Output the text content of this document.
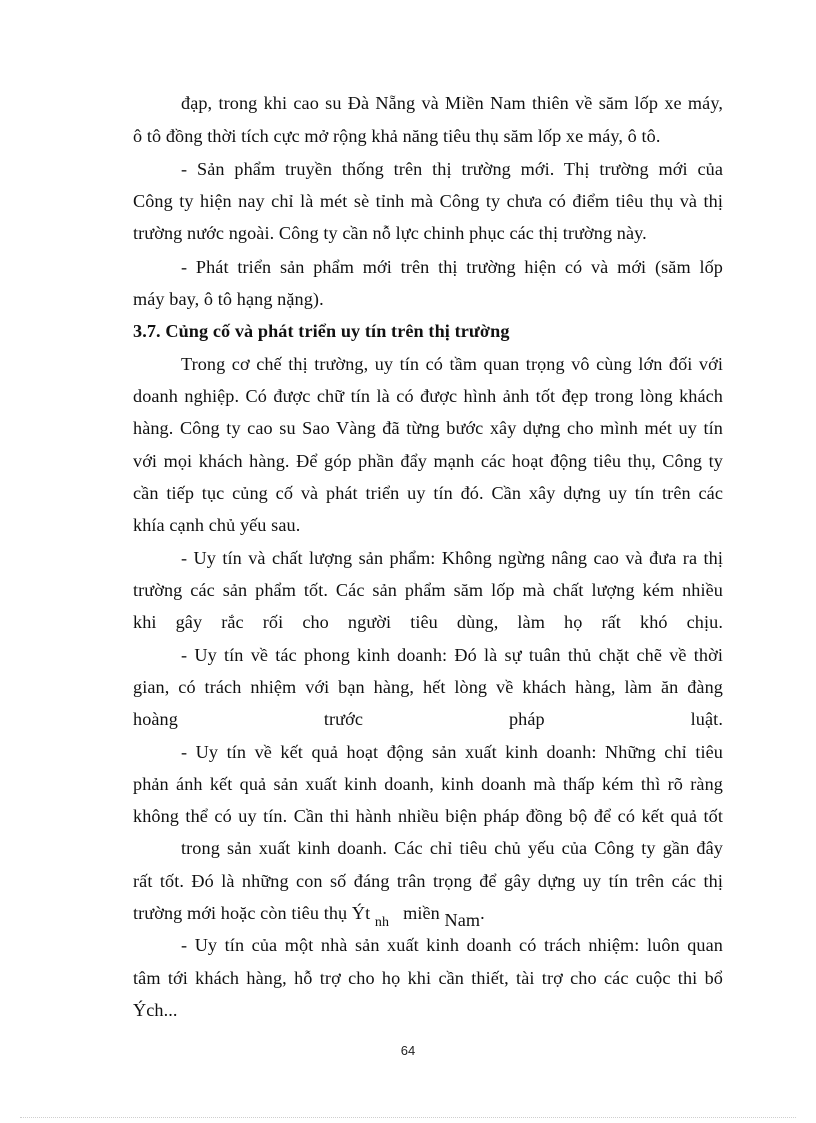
đạp, trong khi cao su Đà Nẵng và Miền Nam thiên về săm lốp xe máy,
ô tô đồng thời tích cực mở rộng khả năng tiêu thụ săm lốp xe máy, ô tô.
- Sản phẩm truyền thống trên thị trường mới. Thị trường mới của
Công ty hiện nay chỉ là mét sè tỉnh mà Công ty chưa có điểm tiêu thụ và thị
trường nước ngoài. Công ty cần nỗ lực chinh phục các thị trường này.
- Phát triển sản phẩm mới trên thị trường hiện có và mới (săm lốp
máy bay, ô tô hạng nặng).
3.7. Củng cố và phát triển uy tín trên thị trường
Trong cơ chế thị trường, uy tín có tầm quan trọng vô cùng lớn đối với
doanh nghiệp. Có được chữ tín là có được hình ảnh tốt đẹp trong lòng khách
hàng. Công ty cao su Sao Vàng đã từng bước xây dựng cho mình mét uy tín
với mọi khách hàng. Để góp phần đẩy mạnh các hoạt động tiêu thụ, Công ty
cần tiếp tục củng cố và phát triển uy tín đó. Cần xây dựng uy tín trên các
khía cạnh chủ yếu sau.
- Uy tín và chất lượng sản phẩm: Không ngừng nâng cao và đưa ra thị
trường các sản phẩm tốt. Các sản phẩm săm lốp mà chất lượng kém nhiều
khi gây rắc rối cho người tiêu dùng, làm họ rất khó chịu.
- Uy tín về tác phong kinh doanh: Đó là sự tuân thủ chặt chẽ về thời
gian, có trách nhiệm với bạn hàng, hết lòng về khách hàng, làm ăn đàng
hoàng	trước	pháp	luật.
- Uy tín về kết quả hoạt động sản xuất kinh doanh: Những chỉ tiêu
phản ánh kết quả sản xuất kinh doanh, kinh doanh mà thấp kém thì rõ ràng
không thể có uy tín. Cần thi hành nhiều biện pháp đồng bộ để có kết quả tốt
trong sản xuất kinh doanh. Các chỉ tiêu chủ yếu của Công ty gần đây
rất tốt. Đó là những con số đáng trân trọng để gây dựng uy tín trên các thị
trường mới hoặc còn tiêu thụ Ýt $_{nh}$ miền Nam.
- Uy tín của một nhà sản xuất kinh doanh có trách nhiệm: luôn quan
tâm tới khách hàng, hỗ trợ cho họ khi cần thiết, tài trợ cho các cuộc thi bổ
Ých...
64
